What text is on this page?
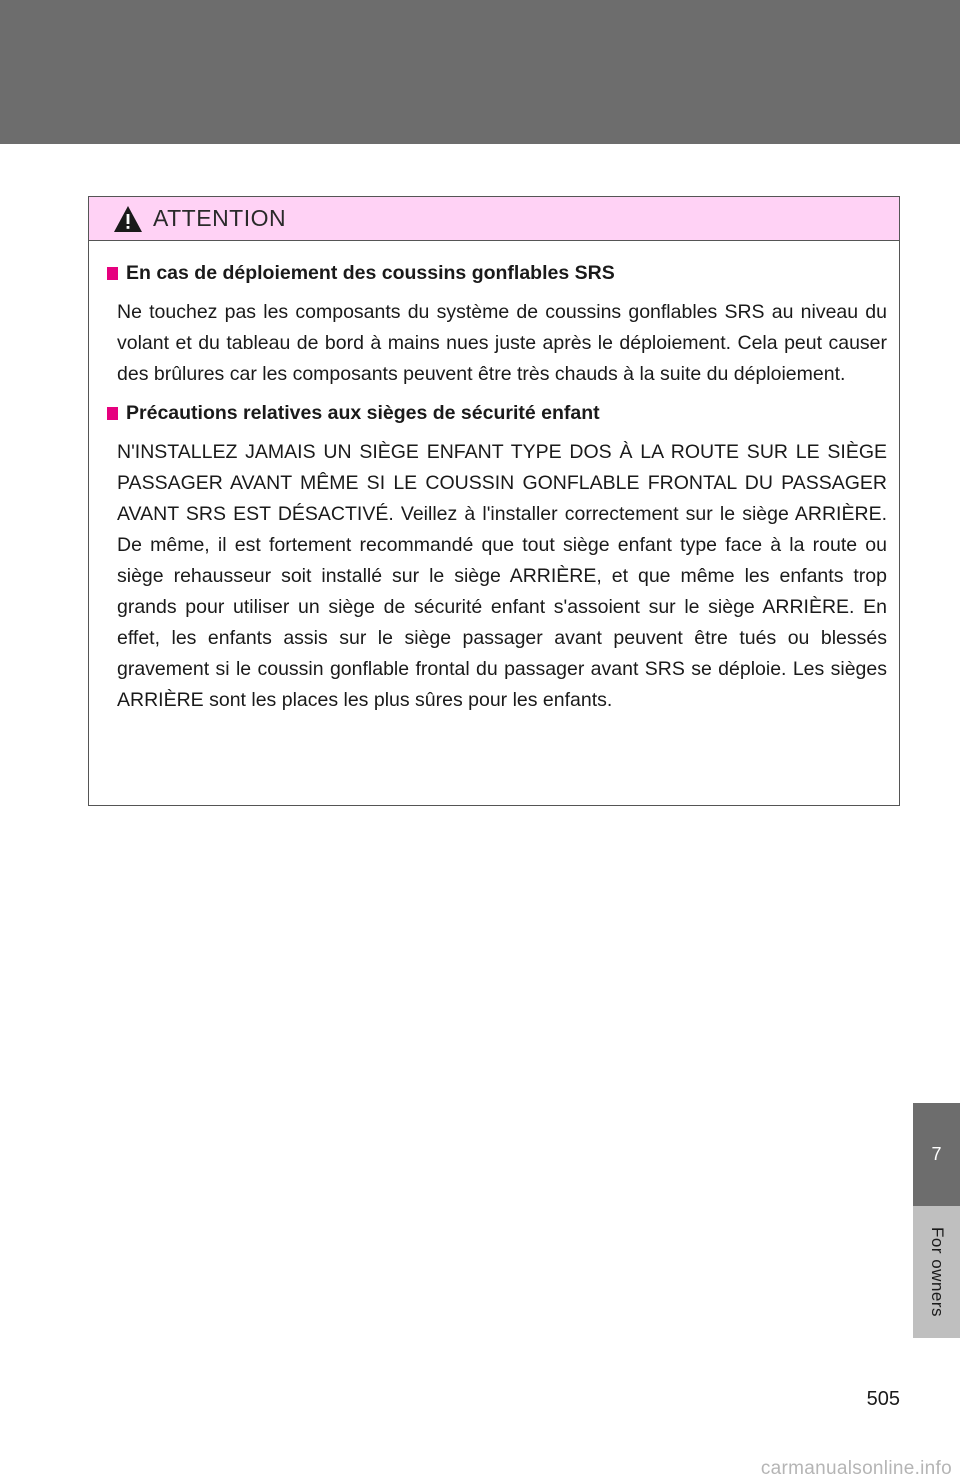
ATTENTION
En cas de déploiement des coussins gonflables SRS
Ne touchez pas les composants du système de coussins gonflables SRS au niveau du volant et du tableau de bord à mains nues juste après le déploiement. Cela peut causer des brûlures car les composants peuvent être très chauds à la suite du déploiement.
Précautions relatives aux sièges de sécurité enfant
N'INSTALLEZ JAMAIS UN SIÈGE ENFANT TYPE DOS À LA ROUTE SUR LE SIÈGE PASSAGER AVANT MÊME SI LE COUSSIN GONFLABLE FRONTAL DU PASSAGER AVANT SRS EST DÉSACTIVÉ. Veillez à l'installer correctement sur le siège ARRIÈRE. De même, il est fortement recommandé que tout siège enfant type face à la route ou siège rehausseur soit installé sur le siège ARRIÈRE, et que même les enfants trop grands pour utiliser un siège de sécurité enfant s'assoient sur le siège ARRIÈRE. En effet, les enfants assis sur le siège passager avant peuvent être tués ou blessés gravement si le coussin gonflable frontal du passager avant SRS se déploie. Les sièges ARRIÈRE sont les places les plus sûres pour les enfants.
7
For owners
505
carmanualsonline.info
